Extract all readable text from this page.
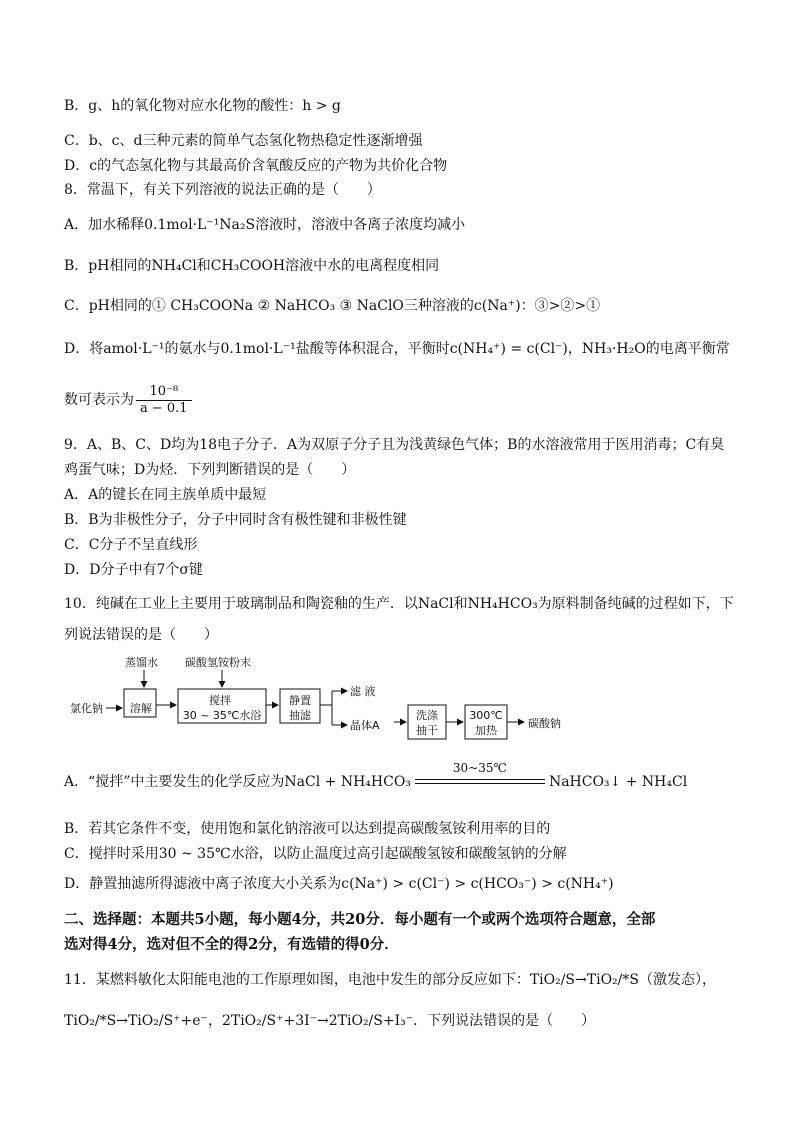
B．g、h的氧化物对应水化物的酸性：h > g
C．b、c、d三种元素的简单气态氢化物热稳定性逐渐增强
D．c的气态氢化物与其最高价含氧酸反应的产物为共价化合物
8．常温下，有关下列溶液的说法正确的是（　　）
A．加水稀释0.1mol·L⁻¹Na₂S溶液时，溶液中各离子浓度均减小
B．pH相同的NH₄Cl和CH₃COOH溶液中水的电离程度相同
C．pH相同的① CH₃COONa ② NaHCO₃ ③ NaClO三种溶液的c(Na⁺)：③>②>①
D．将amol·L⁻¹的氨水与0.1mol·L⁻¹盐酸等体积混合，平衡时c(NH₄⁺) = c(Cl⁻)，NH₃·H₂O的电离平衡常
数可表示为 $\frac{\text{10⁻⁸}}{a - 0.1}$
9．A、B、C、D均为18电子分子．A为双原子分子且为浅黄绿色气体；B的水溶液常用于医用消毒；C有臭
鸡蛋气味；D为烃．下列判断错误的是（　　）
A．A的键长在同主族单质中最短
B．B为非极性分子，分子中同时含有极性键和非极性键
C．C分子不呈直线形
D．D分子中有7个σ键
10．纯碱在工业上主要用于玻璃制品和陶瓷釉的生产．以NaCl和NH₄HCO₃为原料制备纯碱的过程如下，下
列说法错误的是（　　）
蒸馏水 碳酸氢铵粉末
氯化钠 溶解
搅拌
30 ~ 35℃水浴
静置
抽滤
滤 液
晶体A
洗涤
抽干
300℃
加热
碳酸钠
A．“搅拌”中主要发生的化学反应为NaCl + NH₄HCO₃
30~35℃
NaHCO₃↓ + NH₄Cl
B．若其它条件不变，使用饱和氯化钠溶液可以达到提高碳酸氢铵利用率的目的
C．搅拌时采用30 ~ 35℃水浴，以防止温度过高引起碳酸氢铵和碳酸氢钠的分解
D．静置抽滤所得滤液中离子浓度大小关系为c(Na⁺) > c(Cl⁻) > c(HCO₃⁻) > c(NH₄⁺)
二、选择题：本题共5小题，每小题4分，共20分．每小题有一个或两个选项符合题意，全部
选对得4分，选对但不全的得2分，有选错的得0分．
11．某燃料敏化太阳能电池的工作原理如图，电池中发生的部分反应如下：TiO₂/S→TiO₂/*S（激发态），
TiO₂/*S→TiO₂/S⁺+e⁻，2TiO₂/S⁺+3I⁻→2TiO₂/S+I₃⁻．下列说法错误的是（　　）
